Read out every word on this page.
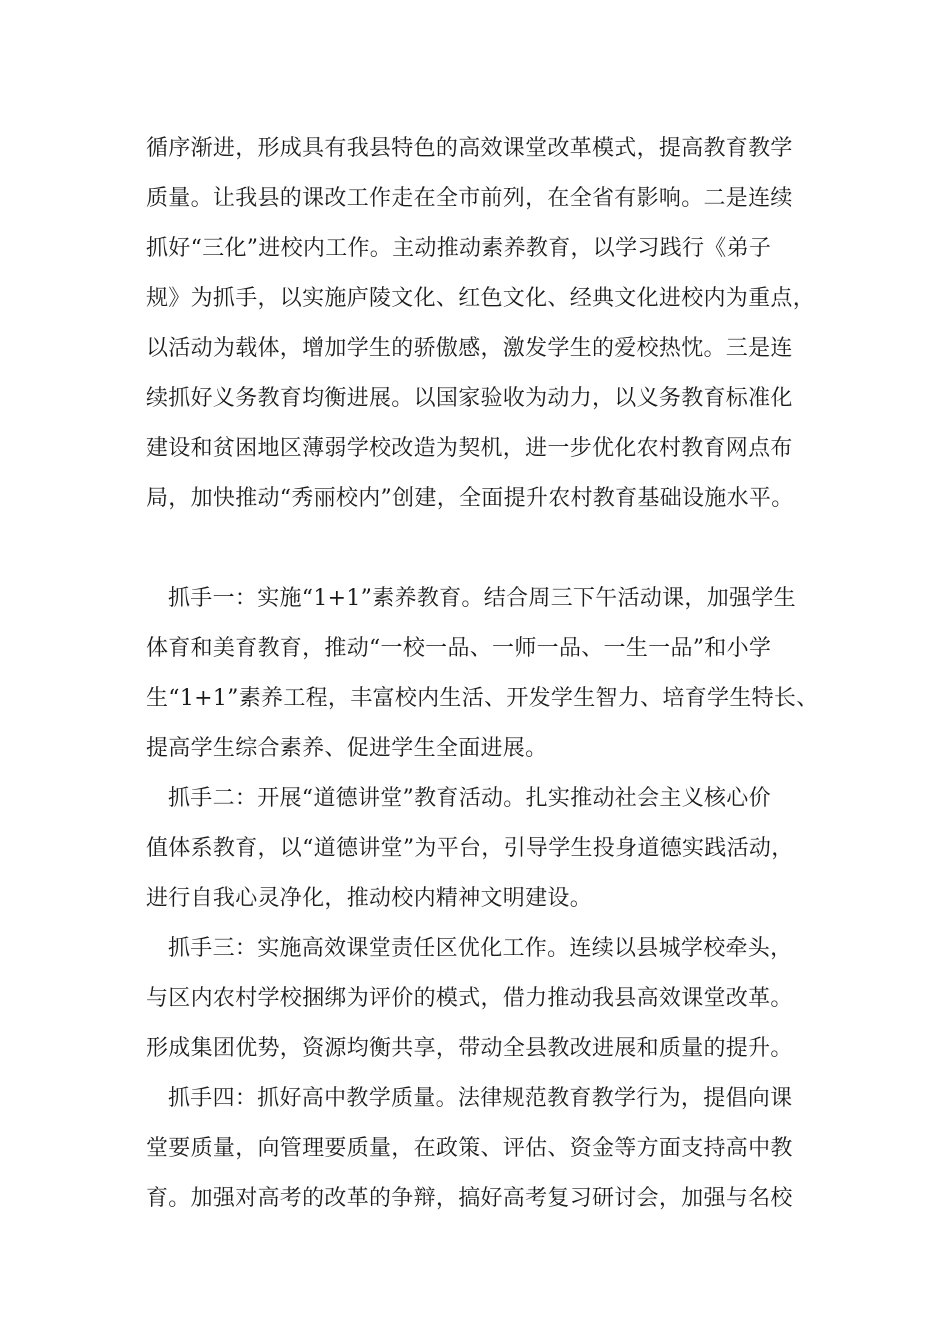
循序渐进，形成具有我县特色的高效课堂改革模式，提高教育教学
质量。让我县的课改工作走在全市前列，在全省有影响。二是连续
抓好“三化”进校内工作。主动推动素养教育，以学习践行《弟子
规》为抓手，以实施庐陵文化、红色文化、经典文化进校内为重点，
以活动为载体，增加学生的骄傲感，激发学生的爱校热忱。三是连
续抓好义务教育均衡进展。以国家验收为动力，以义务教育标准化
建设和贫困地区薄弱学校改造为契机，进一步优化农村教育网点布
局，加快推动“秀丽校内”创建，全面提升农村教育基础设施水平。
抓手一：实施“1+1”素养教育。结合周三下午活动课，加强学生
体育和美育教育，推动“一校一品、一师一品、一生一品”和小学
生“1+1”素养工程，丰富校内生活、开发学生智力、培育学生特长、
提高学生综合素养、促进学生全面进展。
抓手二：开展“道德讲堂”教育活动。扎实推动社会主义核心价
值体系教育，以“道德讲堂”为平台，引导学生投身道德实践活动，
进行自我心灵净化，推动校内精神文明建设。
抓手三：实施高效课堂责任区优化工作。连续以县城学校牵头，
与区内农村学校捆绑为评价的模式，借力推动我县高效课堂改革。
形成集团优势，资源均衡共享，带动全县教改进展和质量的提升。
抓手四：抓好高中教学质量。法律规范教育教学行为，提倡向课
堂要质量，向管理要质量，在政策、评估、资金等方面支持高中教
育。加强对高考的改革的争辩，搞好高考复习研讨会，加强与名校
